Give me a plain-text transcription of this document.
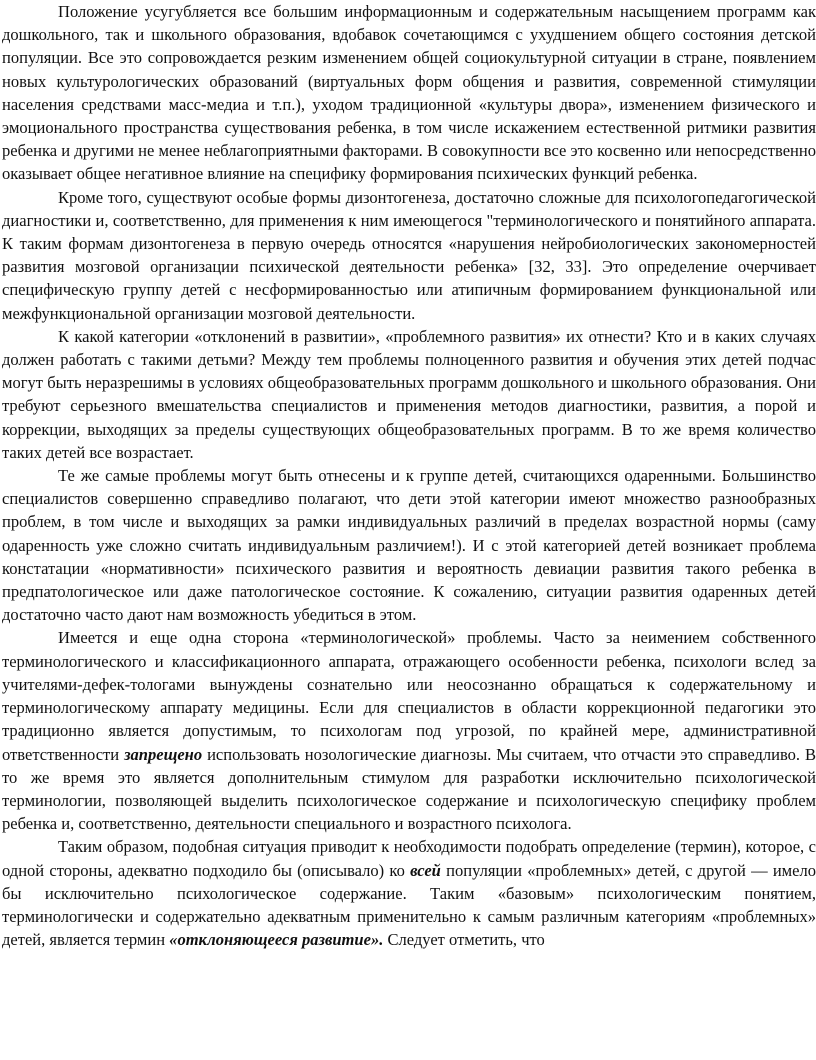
Положение усугубляется все большим информационным и содержательным насыщением программ как дошкольного, так и школьного образования, вдобавок сочетающимся с ухудшением общего состояния детской популяции. Все это сопровождается резким изменением общей социокультурной ситуации в стране, появлением новых культурологических образований (виртуальных форм общения и развития, современной стимуляции населения средствами масс-медиа и т.п.), уходом традиционной «культуры двора», изменением физического и эмоционального пространства существования ребенка, в том числе искажением естественной ритмики развития ребенка и другими не менее неблагоприятными факторами. В совокупности все это косвенно или непосредственно оказывает общее негативное влияние на специфику формирования психических функций ребенка.

Кроме того, существуют особые формы дизонтогенеза, достаточно сложные для психологопедагогической диагностики и, соответственно, для применения к ним имеющегося "терминологического и понятийного аппарата. К таким формам дизонтогенеза в первую очередь относятся «нарушения нейробиологических закономерностей развития мозговой организации психической деятельности ребенка» [32, 33]. Это определение очерчивает специфическую группу детей с несформированностью или атипичным формированием функциональной или межфункциональной организации мозговой деятельности.

К какой категории «отклонений в развитии», «проблемного развития» их отнести? Кто и в каких случаях должен работать с такими детьми? Между тем проблемы полноценного развития и обучения этих детей подчас могут быть неразрешимы в условиях общеобразовательных программ дошкольного и школьного образования. Они требуют серьезного вмешательства специалистов и применения методов диагностики, развития, а порой и коррекции, выходящих за пределы существующих общеобразовательных программ. В то же время количество таких детей все возрастает.

Те же самые проблемы могут быть отнесены и к группе детей, считающихся одаренными. Большинство специалистов совершенно справедливо полагают, что дети этой категории имеют множество разнообразных проблем, в том числе и выходящих за рамки индивидуальных различий в пределах возрастной нормы (саму одаренность уже сложно считать индивидуальным различием!). И с этой категорией детей возникает проблема констатации «нормативности» психического развития и вероятность девиации развития такого ребенка в предпатологическое или даже патологическое состояние. К сожалению, ситуации развития одаренных детей достаточно часто дают нам возможность убедиться в этом.

Имеется и еще одна сторона «терминологической» проблемы. Часто за неимением собственного терминологического и классификационного аппарата, отражающего особенности ребенка, психологи вслед за учителями-дефек-тологами вынуждены сознательно или неосознанно обращаться к содержательному и терминологическому аппарату медицины. Если для специалистов в области коррекционной педагогики это традиционно является допустимым, то психологам под угрозой, по крайней мере, административной ответственности запрещено использовать нозологические диагнозы. Мы считаем, что отчасти это справедливо. В то же время это является дополнительным стимулом для разработки исключительно психологической терминологии, позволяющей выделить психологическое содержание и психологическую специфику проблем ребенка и, соответственно, деятельности специального и возрастного психолога.

Таким образом, подобная ситуация приводит к необходимости подобрать определение (термин), которое, с одной стороны, адекватно подходило бы (описывало) ко всей популяции «проблемных» детей, с другой — имело бы исключительно психологическое содержание. Таким «базовым» психологическим понятием, терминологически и содержательно адекватным применительно к самым различным категориям «проблемных» детей, является термин «отклоняющееся развитие». Следует отметить, что
